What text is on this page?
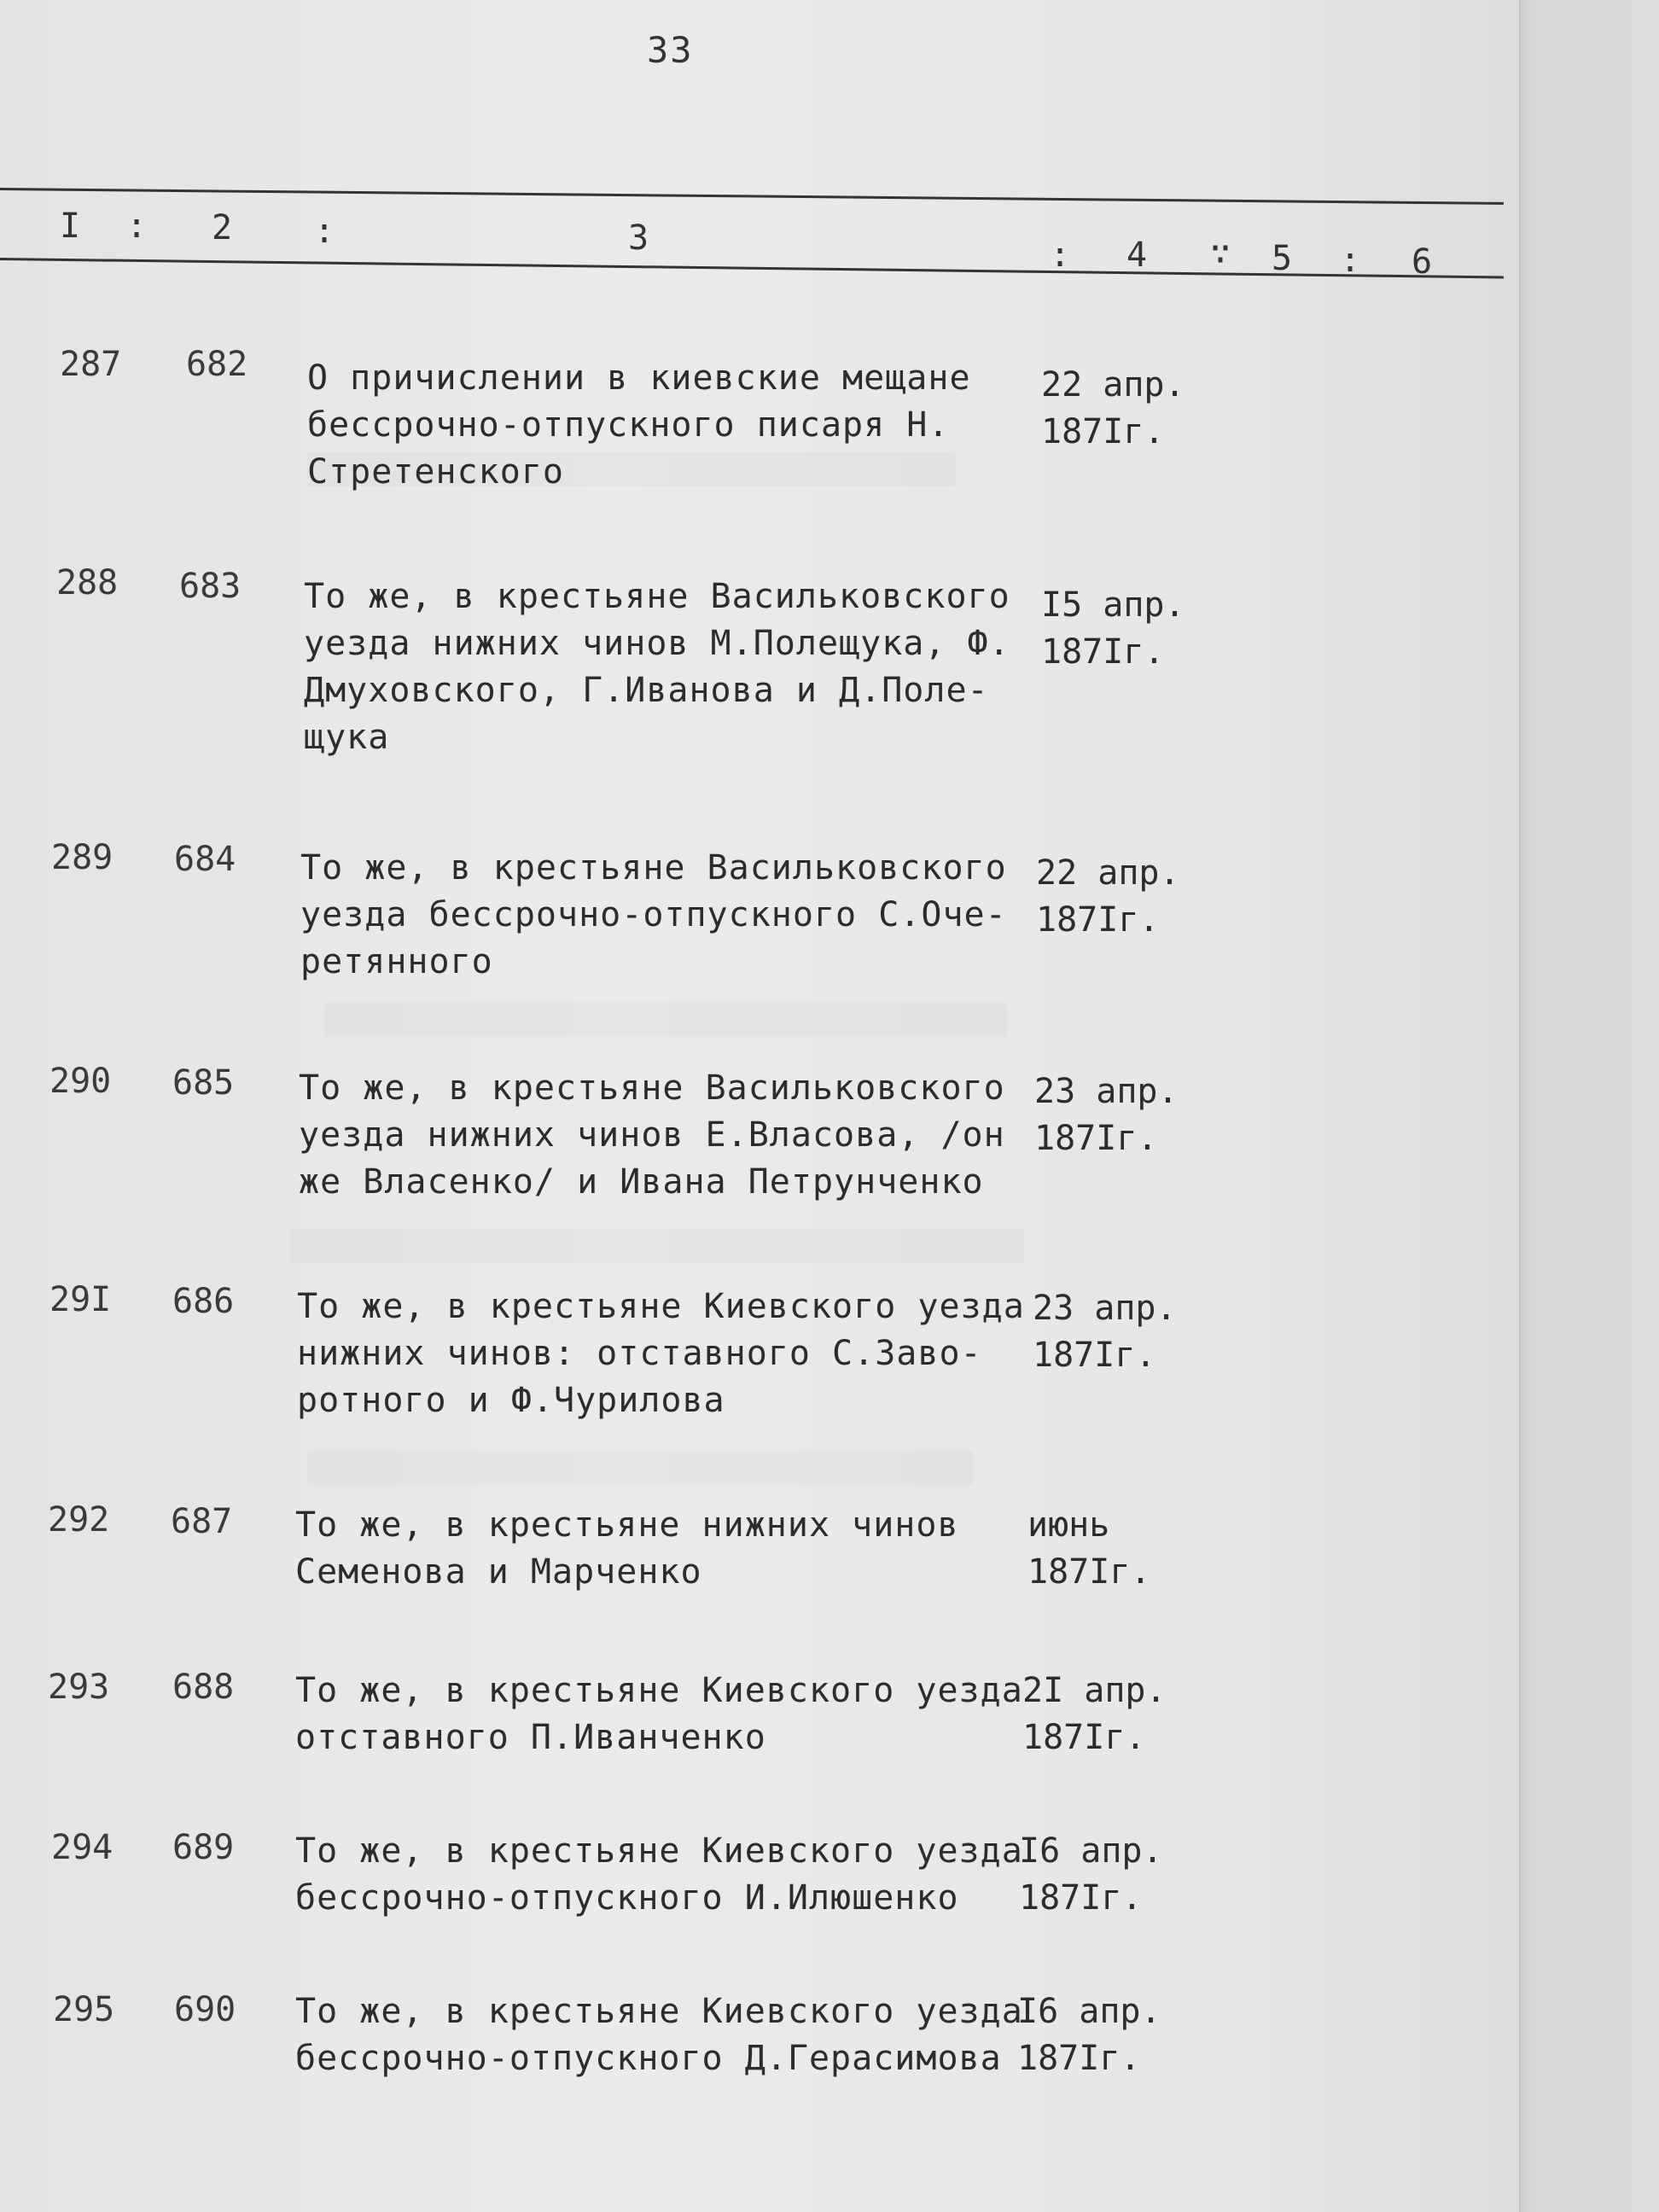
33
I : 2 :	3	: 4 ∵ 5 : 6
287 682 О причислении в киевские мещане
бессрочно-отпускного писаря Н.
Стретенского
22 апр.
187Iг.
288 683 То же, в крестьяне Васильковского
уезда нижних чинов М.Полещука, Ф.
Дмуховского, Г.Иванова и Д.Поле-
щука
I5 апр.
187Iг.
289 684 То же, в крестьяне Васильковского
уезда бессрочно-отпускного С.Оче-
ретянного
22 апр.
187Iг.
290 685 То же, в крестьяне Васильковского
уезда нижних чинов Е.Власова, /он
же Власенко/ и Ивана Петрунченко
23 апр.
187Iг.
29I 686 То же, в крестьяне Киевского уезда
нижних чинов: отставного С.Заво-
ротного и Ф.Чурилова
23 апр.
187Iг.
292 687 То же, в крестьяне нижних чинов
Семенова и Марченко
июнь
187Iг.
293 688 То же, в крестьяне Киевского уезда
отставного П.Иванченко
2I апр.
187Iг.
294 689 То же, в крестьяне Киевского уезда
бессрочно-отпускного И.Илюшенко
I6 апр.
187Iг.
295 690 То же, в крестьяне Киевского уезда
бессрочно-отпускного Д.Герасимова
I6 апр.
187Iг.
